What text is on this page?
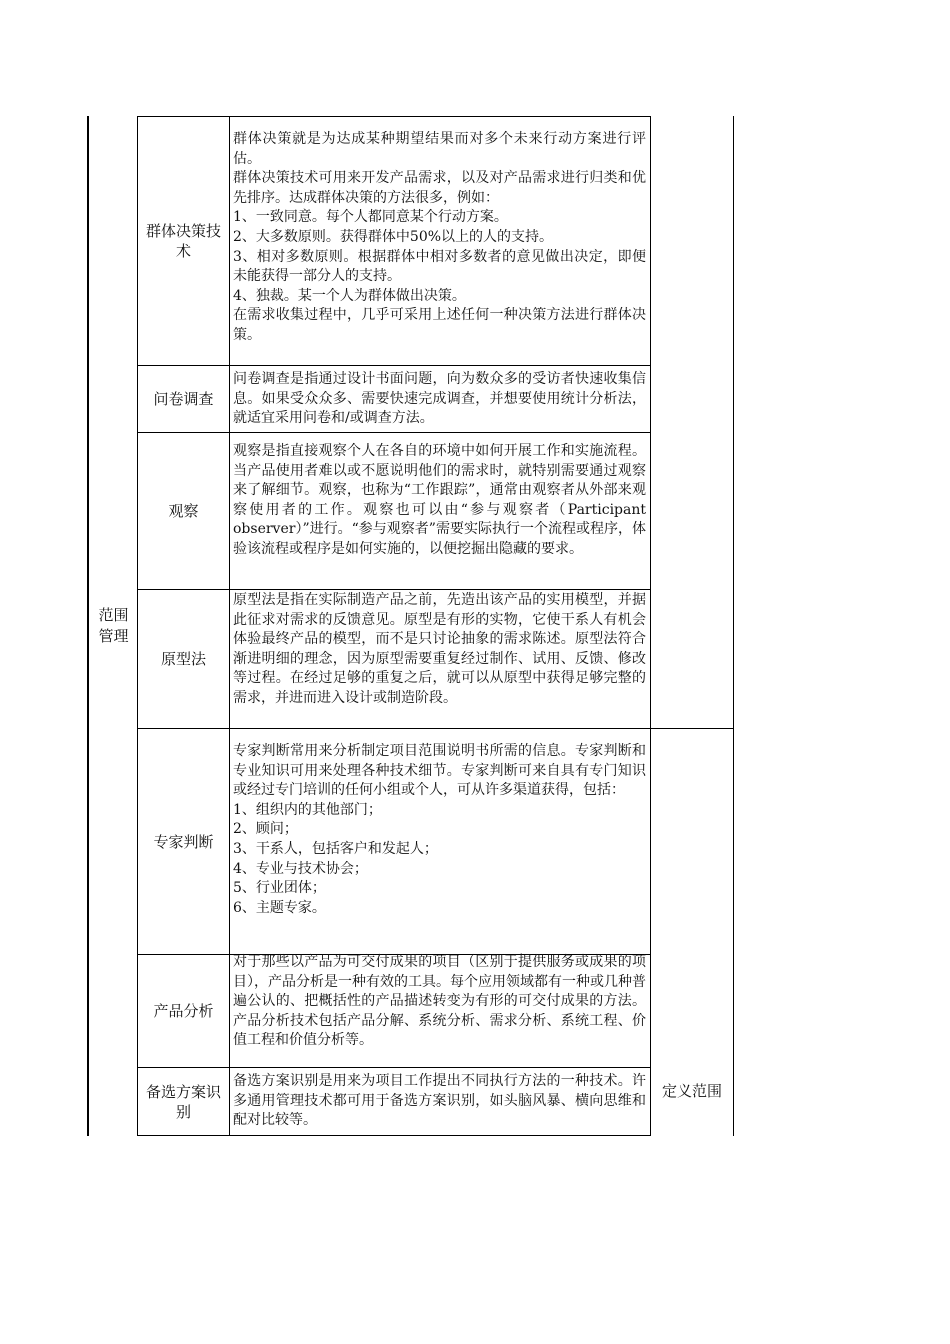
范围管理
定义范围
群体决策技术

群体决策就是为达成某种期望结果而对多个未来行动方案进行评估。

群体决策技术可用来开发产品需求，以及对产品需求进行归类和优先排序。达成群体决策的方法很多，例如：

1、一致同意。每个人都同意某个行动方案。

2、大多数原则。获得群体中50%以上的人的支持。

3、相对多数原则。根据群体中相对多数者的意见做出决定，即便未能获得一部分人的支持。

4、独裁。某一个人为群体做出决策。

在需求收集过程中，几乎可采用上述任何一种决策方法进行群体决策。

问卷调查

问卷调查是指通过设计书面问题，向为数众多的受访者快速收集信息。如果受众众多、需要快速完成调查，并想要使用统计分析法，就适宜采用问卷和/或调查方法。

观察

观察是指直接观察个人在各自的环境中如何开展工作和实施流程。当产品使用者难以或不愿说明他们的需求时，就特别需要通过观察来了解细节。观察，也称为“工作跟踪”，通常由观察者从外部来观察使用者的工作。观察也可以由“参与观察者（Participant observer）”进行。“参与观察者”需要实际执行一个流程或程序，体验该流程或程序是如何实施的，以便挖掘出隐藏的要求。

原型法

原型法是指在实际制造产品之前，先造出该产品的实用模型，并据此征求对需求的反馈意见。原型是有形的实物，它使干系人有机会体验最终产品的模型，而不是只讨论抽象的需求陈述。原型法符合渐进明细的理念，因为原型需要重复经过制作、试用、反馈、修改等过程。在经过足够的重复之后，就可以从原型中获得足够完整的需求，并进而进入设计或制造阶段。

专家判断

专家判断常用来分析制定项目范围说明书所需的信息。专家判断和专业知识可用来处理各种技术细节。专家判断可来自具有专门知识或经过专门培训的任何小组或个人，可从许多渠道获得，包括：

1、组织内的其他部门；

2、顾问；

3、干系人，包括客户和发起人；

4、专业与技术协会；

5、行业团体；

6、主题专家。

产品分析

对于那些以产品为可交付成果的项目（区别于提供服务或成果的项目），产品分析是一种有效的工具。每个应用领域都有一种或几种普遍公认的、把概括性的产品描述转变为有形的可交付成果的方法。产品分析技术包括产品分解、系统分析、需求分析、系统工程、价值工程和价值分析等。

备选方案识别

备选方案识别是用来为项目工作提出不同执行方法的一种技术。许多通用管理技术都可用于备选方案识别，如头脑风暴、横向思维和配对比较等。
